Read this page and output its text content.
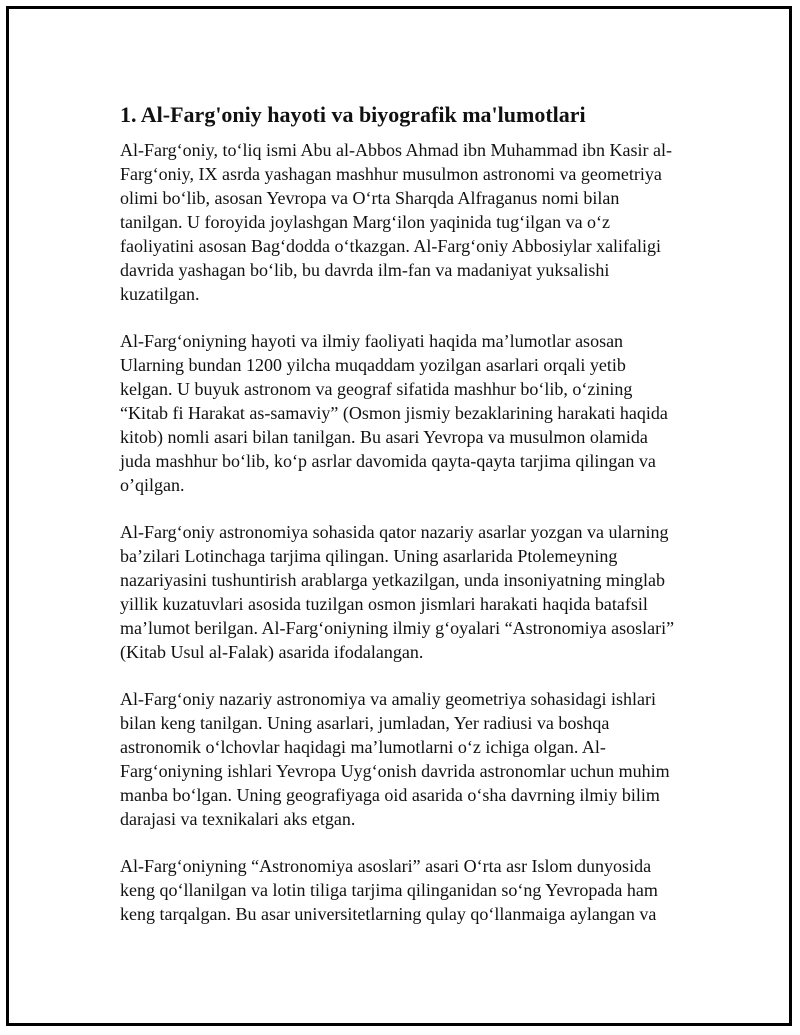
1. Al-Farg'oniy hayoti va biyografik ma'lumotlari

Al-Farg‘oniy, to‘liq ismi Abu al-Abbos Ahmad ibn Muhammad ibn Kasir al-
Farg‘oniy, IX asrda yashagan mashhur musulmon astronomi va geometriya
olimi bo‘lib, asosan Yevropa va O‘rta Sharqda Alfraganus nomi bilan
tanilgan. U foroyida joylashgan Marg‘ilon yaqinida tug‘ilgan va o‘z
faoliyatini asosan Bag‘dodda o‘tkazgan. Al-Farg‘oniy Abbosiylar xalifaligi
davrida yashagan bo‘lib, bu davrda ilm-fan va madaniyat yuksalishi
kuzatilgan.

Al-Farg‘oniyning hayoti va ilmiy faoliyati haqida ma’lumotlar asosan
Ularning bundan 1200 yilcha muqaddam yozilgan asarlari orqali yetib
kelgan. U buyuk astronom va geograf sifatida mashhur bo‘lib, o‘zining
“Kitab fi Harakat as-samaviy” (Osmon jismiy bezaklarining harakati haqida
kitob) nomli asari bilan tanilgan. Bu asari Yevropa va musulmon olamida
juda mashhur bo‘lib, ko‘p asrlar davomida qayta-qayta tarjima qilingan va
o’qilgan.

Al-Farg‘oniy astronomiya sohasida qator nazariy asarlar yozgan va ularning
ba’zilari Lotinchaga tarjima qilingan. Uning asarlarida Ptolemeyning
nazariyasini tushuntirish arablarga yetkazilgan, unda insoniyatning minglab
yillik kuzatuvlari asosida tuzilgan osmon jismlari harakati haqida batafsil
ma’lumot berilgan. Al-Farg‘oniyning ilmiy g‘oyalari “Astronomiya asoslari”
(Kitab Usul al-Falak) asarida ifodalangan.

Al-Farg‘oniy nazariy astronomiya va amaliy geometriya sohasidagi ishlari
bilan keng tanilgan. Uning asarlari, jumladan, Yer radiusi va boshqa
astronomik o‘lchovlar haqidagi ma’lumotlarni o‘z ichiga olgan. Al-
Farg‘oniyning ishlari Yevropa Uyg‘onish davrida astronomlar uchun muhim
manba bo‘lgan. Uning geografiyaga oid asarida o‘sha davrning ilmiy bilim
darajasi va texnikalari aks etgan.

Al-Farg‘oniyning “Astronomiya asoslari” asari O‘rta asr Islom dunyosida
keng qo‘llanilgan va lotin tiliga tarjima qilinganidan so‘ng Yevropada ham
keng tarqalgan. Bu asar universitetlarning qulay qo‘llanmaiga aylangan va
